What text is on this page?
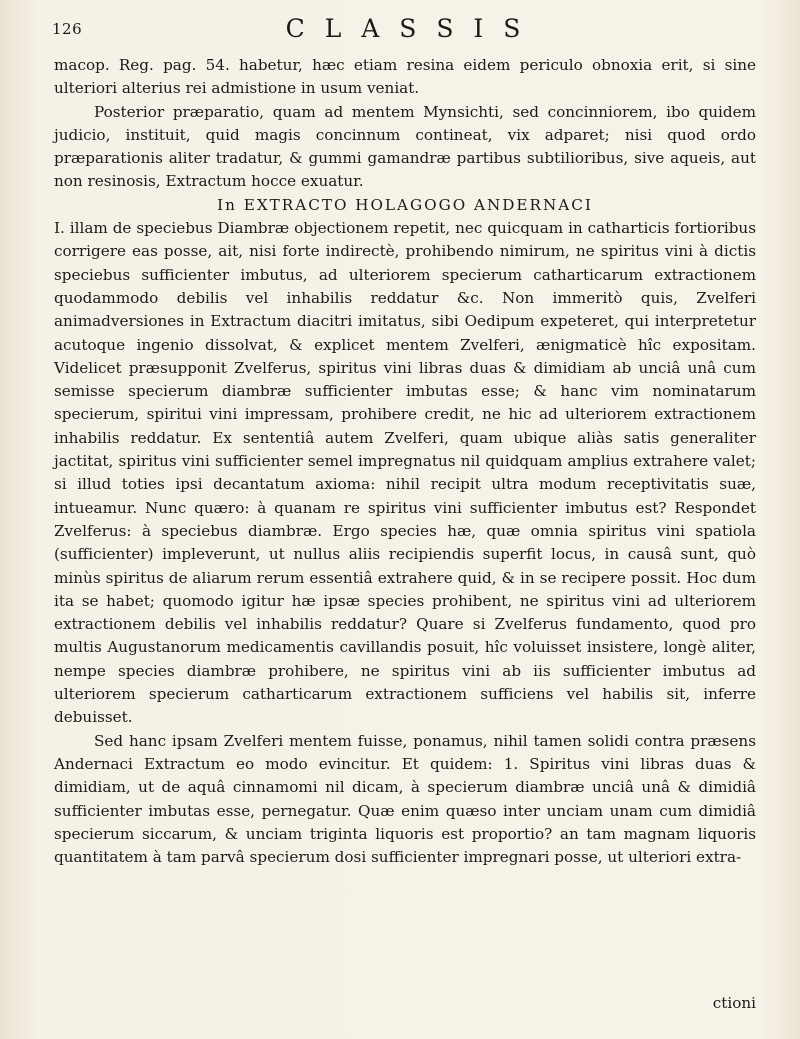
126	C L A S S I S

macop. Reg. pag. 54. habetur, hæc etiam resina eidem periculo obnoxia erit, si sine ulteriori alterius rei admistione in usum veniat.

Posterior præparatio, quam ad mentem Mynsichti, sed concinniorem, ibo quidem judicio, instituit, quid magis concinnum contineat, vix adparet; nisi quod ordo præparationis aliter tradatur, & gummi gamandræ partibus subtilioribus, sive aqueis, aut non resinosis, Extractum hocce exuatur.

In EXTRACTO HOLAGOGO ANDERNACI

I. illam de speciebus Diambræ objectionem repetit, nec quicquam in catharticis fortioribus corrigere eas posse, ait, nisi forte indirectè, prohibendo nimirum, ne spiritus vini à dictis speciebus sufficienter imbutus, ad ulteriorem specierum catharticarum extractionem quodammodo debilis vel inhabilis reddatur &c. Non immeritò quis, Zvelferi animadversiones in Extractum diacitri imitatus, sibi Oedipum expeteret, qui interpretetur acutoque ingenio dissolvat, & explicet mentem Zvelferi, ænigmaticè hîc expositam. Videlicet præsupponit Zvelferus, spiritus vini libras duas & dimidiam ab unciâ unâ cum semisse specierum diambræ sufficienter imbutas esse; & hanc vim nominatarum specierum, spiritui vini impressam, prohibere credit, ne hic ad ulteriorem extractionem inhabilis reddatur. Ex sententiâ autem Zvelferi, quam ubique aliàs satis generaliter jactitat, spiritus vini sufficienter semel impregnatus nil quidquam amplius extrahere valet; si illud toties ipsi decantatum axioma: nihil recipit ultra modum receptivitatis suæ, intueamur. Nunc quæro: à quanam re spiritus vini sufficienter imbutus est? Respondet Zvelferus: à speciebus diambræ. Ergo species hæ, quæ omnia spiritus vini spatiola (sufficienter) impleverunt, ut nullus aliis recipiendis superfit locus, in causâ sunt, quò minùs spiritus de aliarum rerum essentiâ extrahere quid, & in se recipere possit. Hoc dum ita se habet; quomodo igitur hæ ipsæ species prohibent, ne spiritus vini ad ulteriorem extractionem debilis vel inhabilis reddatur? Quare si Zvelferus fundamento, quod pro multis Augustanorum medicamentis cavillandis posuit, hîc voluisset insistere, longè aliter, nempe species diambræ prohibere, ne spiritus vini ab iis sufficienter imbutus ad ulteriorem specierum catharticarum extractionem sufficiens vel habilis sit, inferre debuisset.

Sed hanc ipsam Zvelferi mentem fuisse, ponamus, nihil tamen solidi contra præsens Andernaci Extractum eo modo evincitur. Et quidem: 1. Spiritus vini libras duas & dimidiam, ut de aquâ cinnamomi nil dicam, à specierum diambræ unciâ unâ & dimidiâ sufficienter imbutas esse, pernegatur. Quæ enim quæso inter unciam unam cum dimidiâ specierum siccarum, & unciam triginta liquoris est proportio? an tam magnam liquoris quantitatem à tam parvâ specierum dosi sufficienter impregnari posse, ut ulteriori extra-

ctioni
